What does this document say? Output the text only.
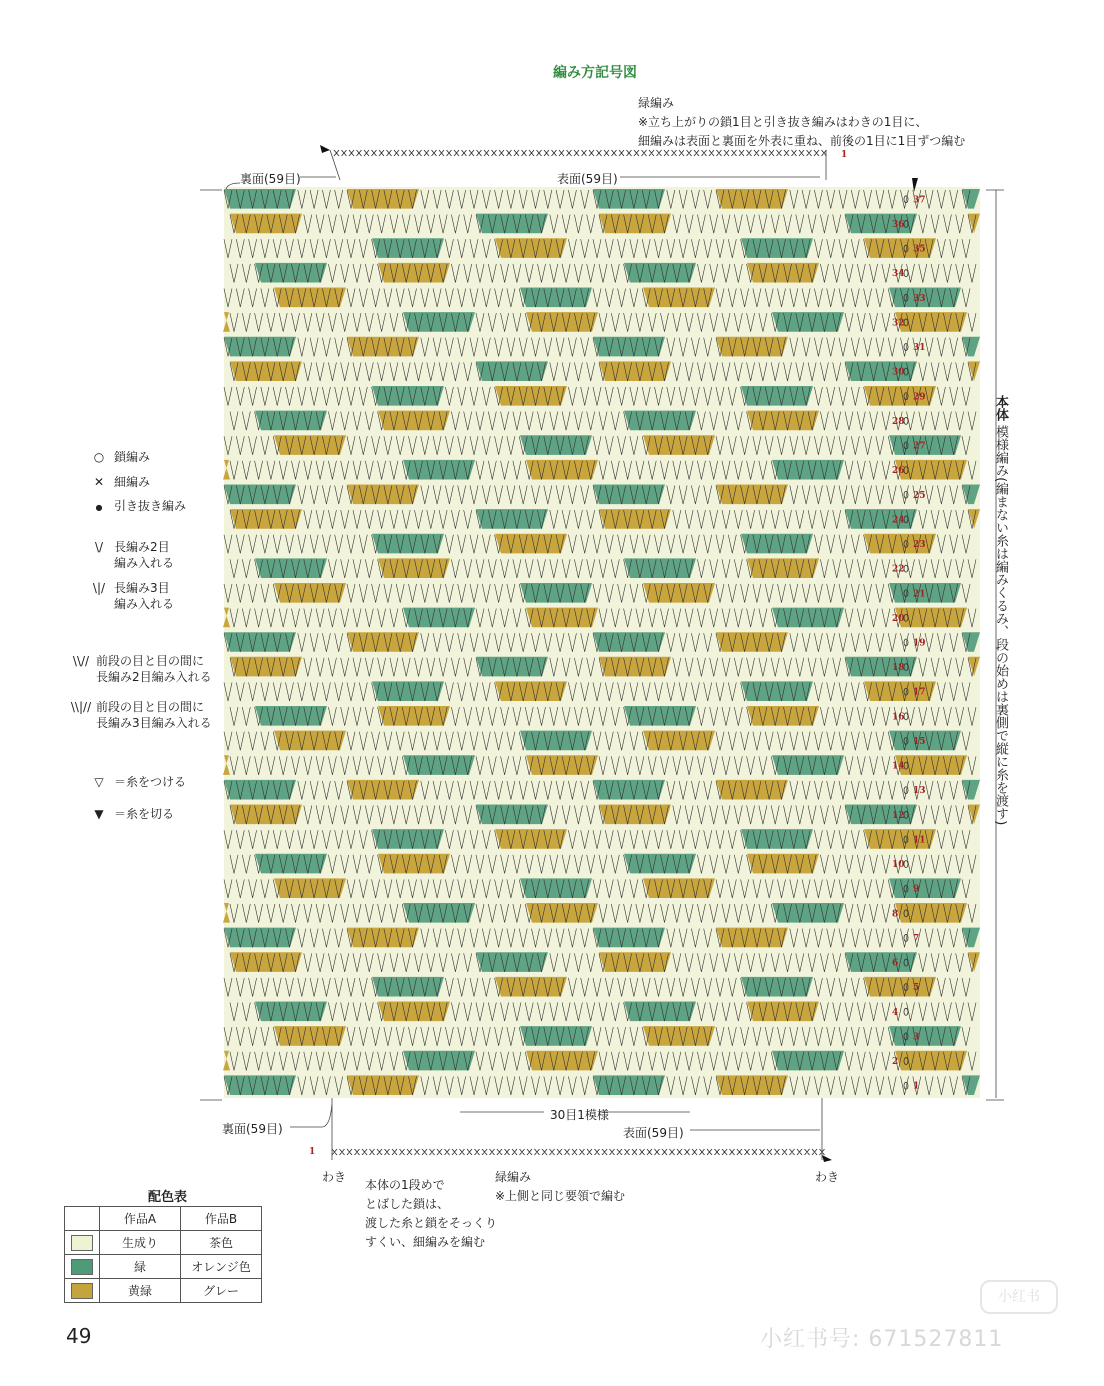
編み方記号図
緑編み
※立ち上がりの鎖1目と引き抜き編みはわきの1目に、
細編みは表面と裏面を外表に重ね、前後の1目に1目ずつ編む
37
36
35
34
33
32
31
30
29
28
27
26
25
24
23
22
21
20
19
18
17
16
15
14
13
12
11
10
9
8
7
6
5
4
3
2
1
裏面(59目)	表面(59目)
裏面(59目)
30目1模様
表面(59目)
わき	わき
1
1
本体 模様編み(編まない糸は編みくるみ、段の始めは裏側で縦に糸を渡す)
緑編み
※上側と同じ要領で編む
本体の1段めで
とばした鎖は、
渡した糸と鎖をそっくり
すくい、細編みを編む
○ 鎖編み
✕ 細編み
● 引き抜き編み

\/ 長編み2目
編み入れる

\|/ 長編み3目
編み入れる

\\// 前段の目と目の間に
長編み2目編み入れる

\\|// 前段の目と目の間に
長編み3目編み入れる

▽ ＝糸をつける
▼ ＝糸を切る
配色表
	作品A	作品B
	生成り	茶色
	緑	オレンジ色
	黄緑	グレー
49
小红书
小红书号: 671527811
